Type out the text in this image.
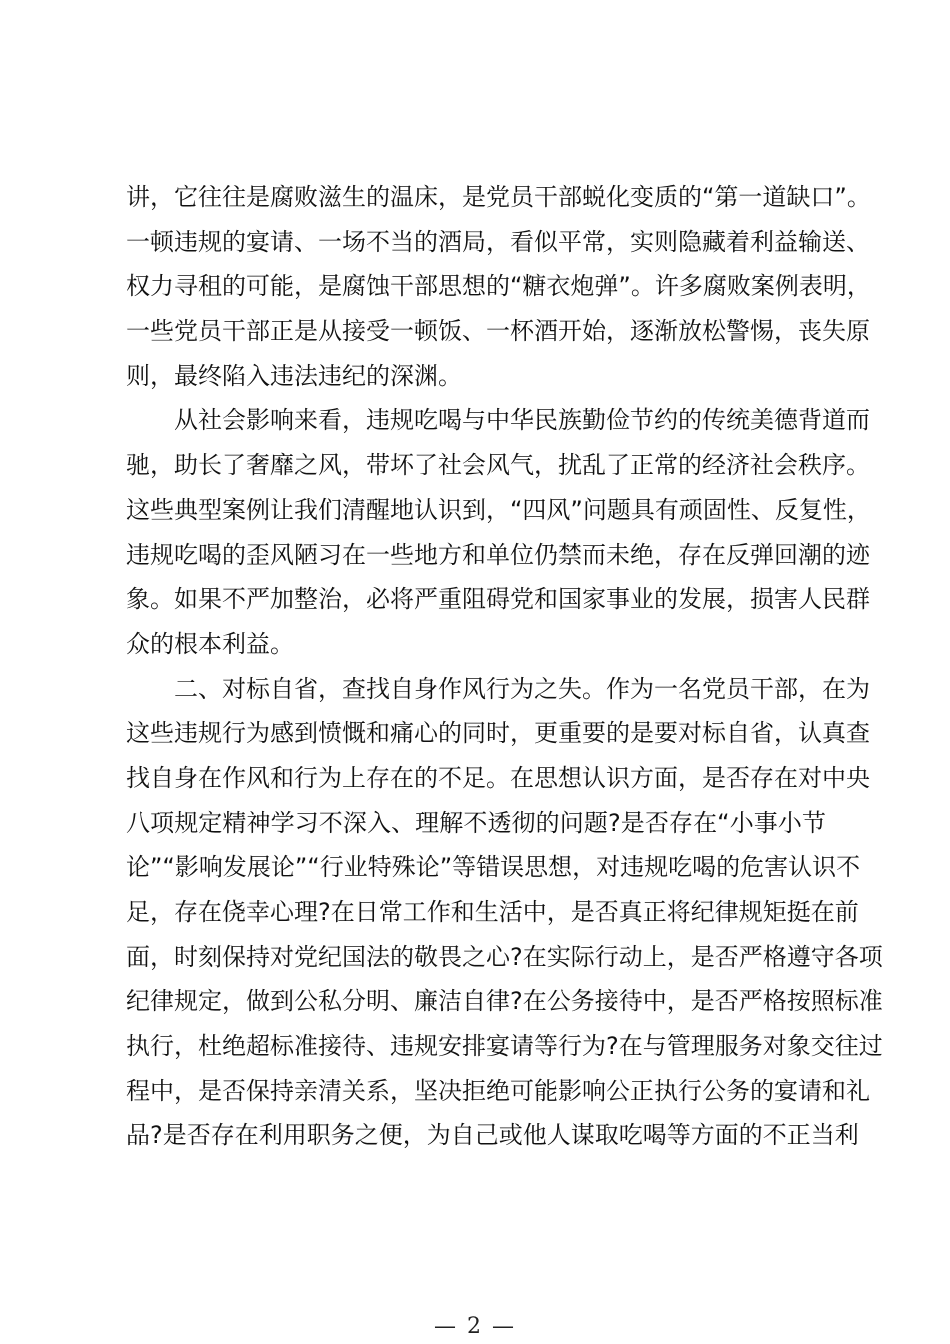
讲，它往往是腐败滋生的温床，是党员干部蜕化变质的“第一道缺口”。
一顿违规的宴请、一场不当的酒局，看似平常，实则隐藏着利益输送、
权力寻租的可能，是腐蚀干部思想的“糖衣炮弹”。许多腐败案例表明，
一些党员干部正是从接受一顿饭、一杯酒开始，逐渐放松警惕，丧失原
则，最终陷入违法违纪的深渊。
从社会影响来看，违规吃喝与中华民族勤俭节约的传统美德背道而
驰，助长了奢靡之风，带坏了社会风气，扰乱了正常的经济社会秩序。
这些典型案例让我们清醒地认识到，“四风”问题具有顽固性、反复性，
违规吃喝的歪风陋习在一些地方和单位仍禁而未绝，存在反弹回潮的迹
象。如果不严加整治，必将严重阻碍党和国家事业的发展，损害人民群
众的根本利益。
二、对标自省，查找自身作风行为之失。作为一名党员干部，在为
这些违规行为感到愤慨和痛心的同时，更重要的是要对标自省，认真查
找自身在作风和行为上存在的不足。在思想认识方面，是否存在对中央
八项规定精神学习不深入、理解不透彻的问题?是否存在“小事小节
论”“影响发展论”“行业特殊论”等错误思想，对违规吃喝的危害认识不
足，存在侥幸心理?在日常工作和生活中，是否真正将纪律规矩挺在前
面，时刻保持对党纪国法的敬畏之心?在实际行动上，是否严格遵守各项
纪律规定，做到公私分明、廉洁自律?在公务接待中，是否严格按照标准
执行，杜绝超标准接待、违规安排宴请等行为?在与管理服务对象交往过
程中，是否保持亲清关系，坚决拒绝可能影响公正执行公务的宴请和礼
品?是否存在利用职务之便，为自己或他人谋取吃喝等方面的不正当利
— 2 —
